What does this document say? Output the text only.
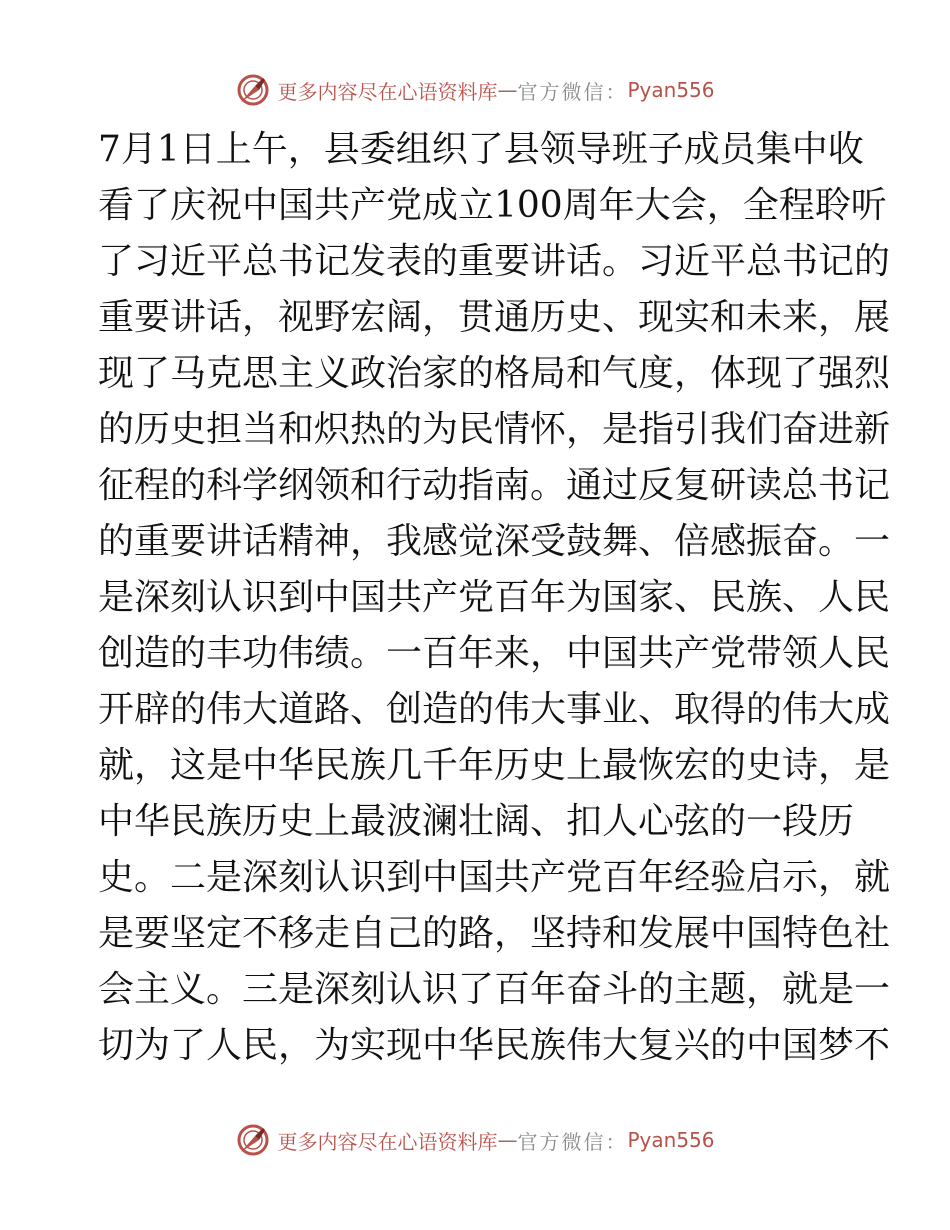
更多内容尽在心语资料库 — 官方微信： Pyan556
7月1日上午，县委组织了县领导班子成员集中收
看了庆祝中国共产党成立100周年大会，全程聆听
了习近平总书记发表的重要讲话。习近平总书记的
重要讲话，视野宏阔，贯通历史、现实和未来，展
现了马克思主义政治家的格局和气度，体现了强烈
的历史担当和炽热的为民情怀，是指引我们奋进新
征程的科学纲领和行动指南。通过反复研读总书记
的重要讲话精神，我感觉深受鼓舞、倍感振奋。一
是深刻认识到中国共产党百年为国家、民族、人民
创造的丰功伟绩。一百年来，中国共产党带领人民
开辟的伟大道路、创造的伟大事业、取得的伟大成
就，这是中华民族几千年历史上最恢宏的史诗，是
中华民族历史上最波澜壮阔、扣人心弦的一段历
史。二是深刻认识到中国共产党百年经验启示，就
是要坚定不移走自己的路，坚持和发展中国特色社
会主义。三是深刻认识了百年奋斗的主题，就是一
切为了人民，为实现中华民族伟大复兴的中国梦不
更多内容尽在心语资料库 — 官方微信： Pyan556
